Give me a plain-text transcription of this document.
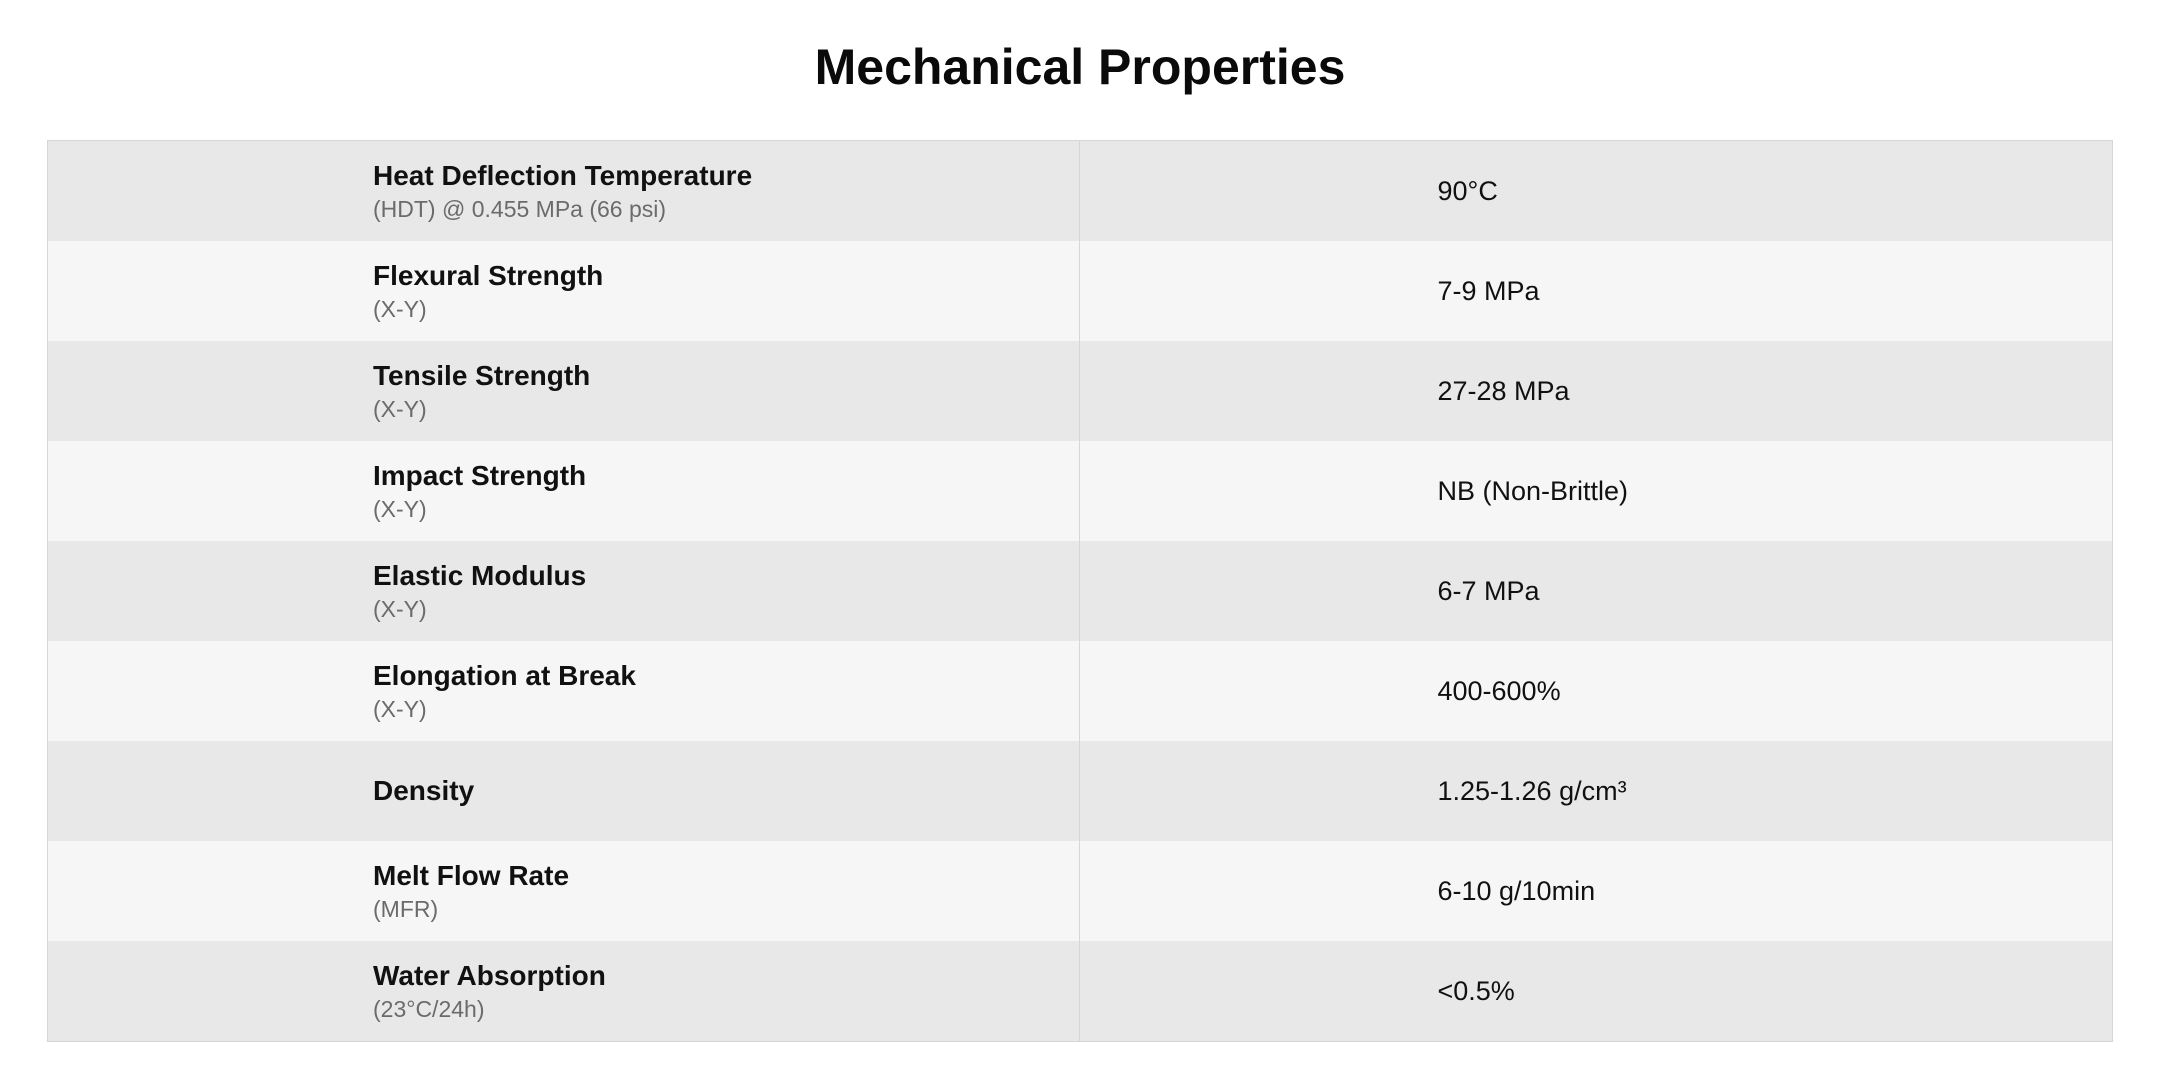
Mechanical Properties
Heat Deflection Temperature
(HDT) @ 0.455 MPa (66 psi)
90°C
Flexural Strength
(X-Y)
7-9 MPa
Tensile Strength
(X-Y)
27-28 MPa
Impact Strength
(X-Y)
NB (Non-Brittle)
Elastic Modulus
(X-Y)
6-7 MPa
Elongation at Break
(X-Y)
400-600%
Density	1.25-1.26 g/cm³
Melt Flow Rate
(MFR)
6-10 g/10min
Water Absorption
(23°C/24h)
<0.5%
